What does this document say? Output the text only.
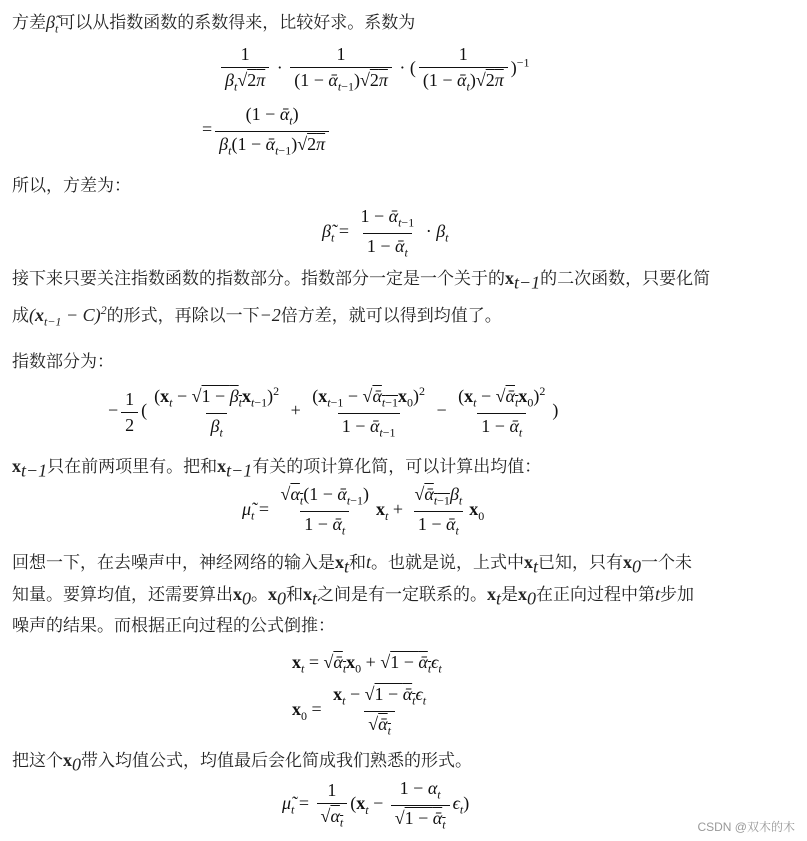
方差$\betã_t$可以从指数函数的系数得来，比较好求。系数为
$\frac{1}{\beta_t√2\pi} \cdot \frac{1}{(1 - ᾱ_{t-1})√2\pi}$ · ( $\frac{1}{(1 - ᾱ_t)√2\pi} )^{-1}$
= $\frac{(1 - ᾱ_t)}{\beta_t(1 - ᾱ_{t-1})√2\pi}$
所以，方差为：
$\betã_t = \frac{1 - ᾱ_{t-1}}{1 - ᾱ_t} \cdot \beta_t$
接下来只要关注指数函数的指数部分。指数部分一定是一个关于的$x_{t-1}$的二次函数，只要化简
成$(x_{t-1} - C)^2$的形式，再除以一下−2倍方差，就可以得到均值了。
指数部分为：
− $\frac{1}{2}$ ( $\frac{(x_t - √1 - \beta_tx_{t-1})^2}{\beta_t} + \frac{(x_{t-1} - √ᾱ_{t-1}x_0)^2}{1 - ᾱ_{t-1}} - \frac{(x_t - √ᾱ_tx_0)^2}{1 - ᾱ_t}$ )
$x_{t-1}$只在前两项里有。把和$x_{t-1}$有关的项计算化简，可以计算出均值：
$\mũ_t = \frac{√\alpha_t(1 - ᾱ_{t-1})}{1 - ᾱ_t} x_t + \frac{√ᾱ_{t-1}\beta_t}{1 - ᾱ_t} x_0$
回想一下，在去噪声中，神经网络的输入是$x_t$和t。也就是说，上式中$x_t$已知，只有$x_0$一个未
知量。要算均值，还需要算出$x_0$。$x_0$和$x_t$之间是有一定联系的。$x_t$是$x_0$在正向过程中第t步加
噪声的结果。而根据正向过程的公式倒推：
$x_t$ = $√ᾱ_tx_0 + √1$ − $ᾱ_t\epsilon_t$
$x_0 = \frac{x_t - √1 - ᾱ_t\epsilon_t}{√ᾱ_t}$
把这个$x_0$带入均值公式，均值最后会化简成我们熟悉的形式。
$\mũ_t = \frac{1}{√\alpha_t} (x_t - \frac{1 - \alpha_t}{√1 - ᾱ_t} \epsilon_t)$
CSDN @双木的木
